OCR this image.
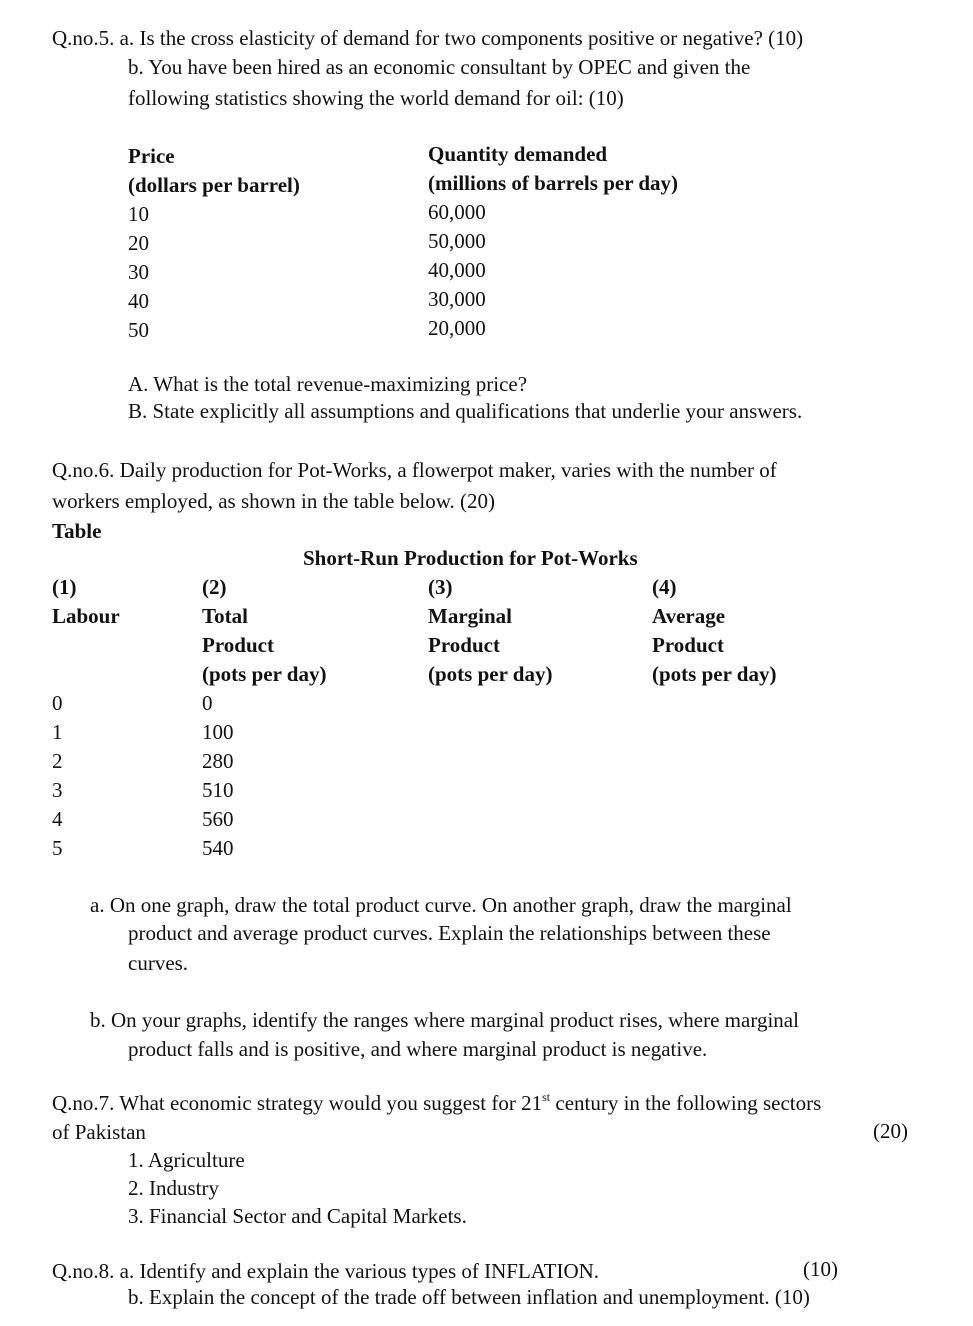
Q.no.5. a. Is the cross elasticity of demand for two components positive or negative? (10)
b. You have been hired as an economic consultant by OPEC and given the
following statistics showing the world demand for oil: (10)
Price
(dollars per barrel)
10
20
30
40
50
Quantity demanded
(millions of barrels per day)
60,000
50,000
40,000
30,000
20,000
A. What is the total revenue-maximizing price?
B. State explicitly all assumptions and qualifications that underlie your answers.
Q.no.6. Daily production for Pot-Works, a flowerpot maker, varies with the number of
workers employed, as shown in the table below. (20)
Table
Short-Run Production for Pot-Works
(1)
Labour
0
1
2
3
4
5
(2)
Total
Product
(pots per day)
0
100
280
510
560
540
(3)
Marginal
Product
(pots per day)
(4)
Average
Product
(pots per day)
a. On one graph, draw the total product curve. On another graph, draw the marginal
product and average product curves. Explain the relationships between these
curves.
b. On your graphs, identify the ranges where marginal product rises, where marginal
product falls and is positive, and where marginal product is negative.
Q.no.7. What economic strategy would you suggest for 21st century in the following sectors
of Pakistan	(20)
1. Agriculture
2. Industry
3. Financial Sector and Capital Markets.
Q.no.8. a. Identify and explain the various types of INFLATION.	(10)
b. Explain the concept of the trade off between inflation and unemployment. (10)
